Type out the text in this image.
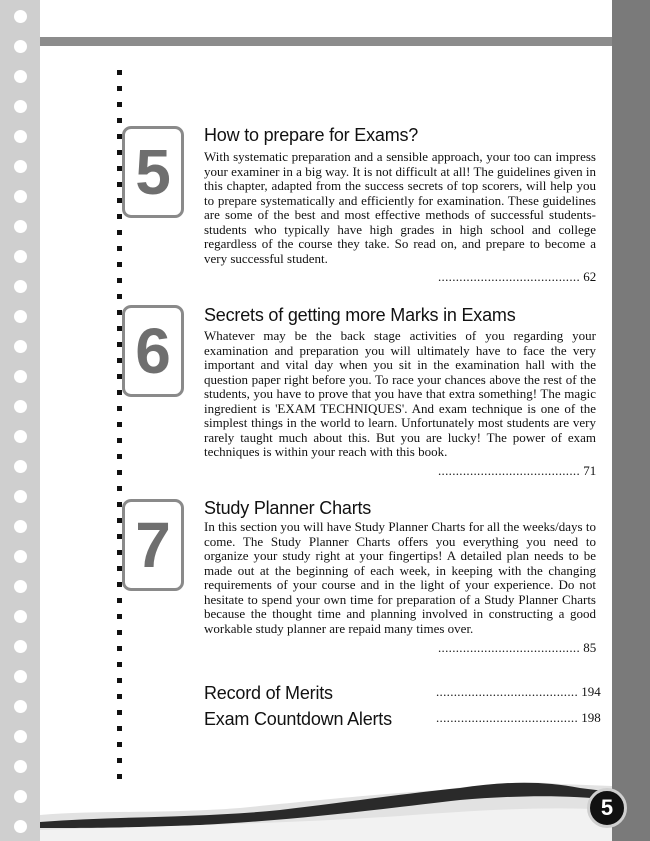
5
How to prepare for Exams?
With systematic preparation and a sensible approach, your too can impress your examiner in a big way. It is not difficult at all! The guidelines given in this chapter, adapted from the success secrets of top scorers, will help you to prepare systematically and efficiently for examination. These guidelines are some of the best and most effective methods of successful students-students who typically have high grades in high school and college regardless of the course they take. So read on, and prepare to become a very successful student.
........................................ 62
6	Secrets of getting more Marks in Exams
Whatever may be the back stage activities of you regarding your examination and preparation you will ultimately have to face the very important and vital day when you sit in the examination hall with the question paper right before you. To race your chances above the rest of the students, you have to prove that you have that extra something! The magic ingredient is 'EXAM TECHNIQUES'. And exam technique is one of the simplest things in the world to learn. Unfortunately most students are very rarely taught much about this. But you are lucky! The power of exam techniques is within your reach with this book.
........................................ 71
7
Study Planner Charts
In this section you will have Study Planner Charts for all the weeks/days to come. The Study Planner Charts offers you everything you need to organize your study right at your fingertips! A detailed plan needs to be made out at the beginning of each week, in keeping with the changing requirements of your course and in the light of your experience. Do not hesitate to spend your own time for preparation of a Study Planner Charts because the thought time and planning involved in constructing a good workable study planner are repaid many times over.
........................................ 85
Record of Merits	........................................ 194
Exam Countdown Alerts	........................................ 198
5
